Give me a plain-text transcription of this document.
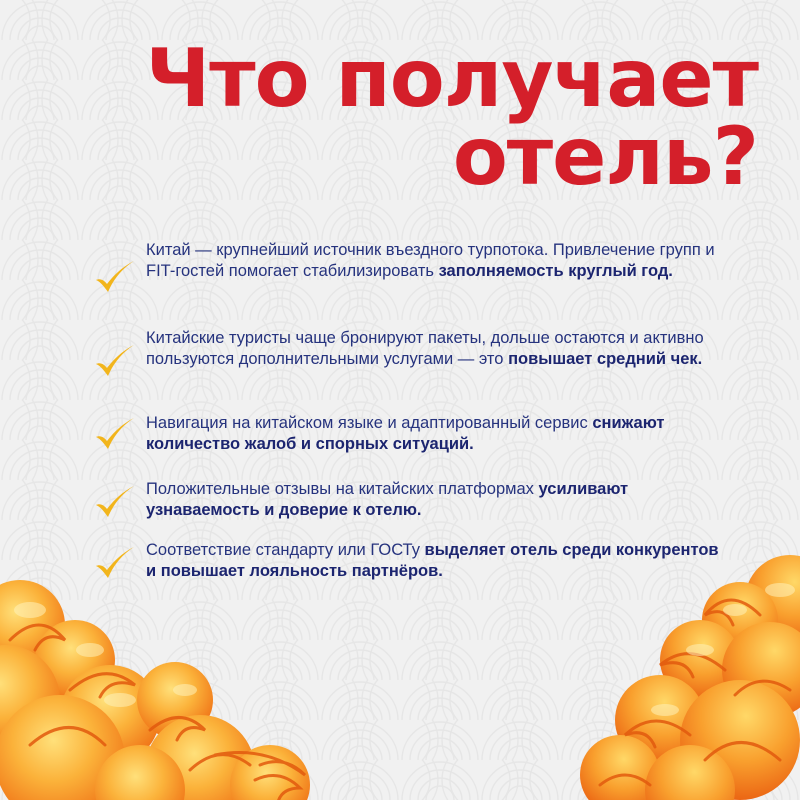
Что получает
отель?
Китай — крупнейший источник въездного турпотока. Привлечение групп и FIT-гостей помогает стабилизировать заполняемость круглый год.
Китайские туристы чаще бронируют пакеты, дольше остаются и активно пользуются дополнительными услугами — это повышает средний чек.
Навигация на китайском языке и адаптированный сервис снижают количество жалоб и спорных ситуаций.
Положительные отзывы на китайских платформах усиливают узнаваемость и доверие к отелю.
Соответствие стандарту или ГОСТу выделяет отель среди конкурентов и повышает лояльность партнёров.
